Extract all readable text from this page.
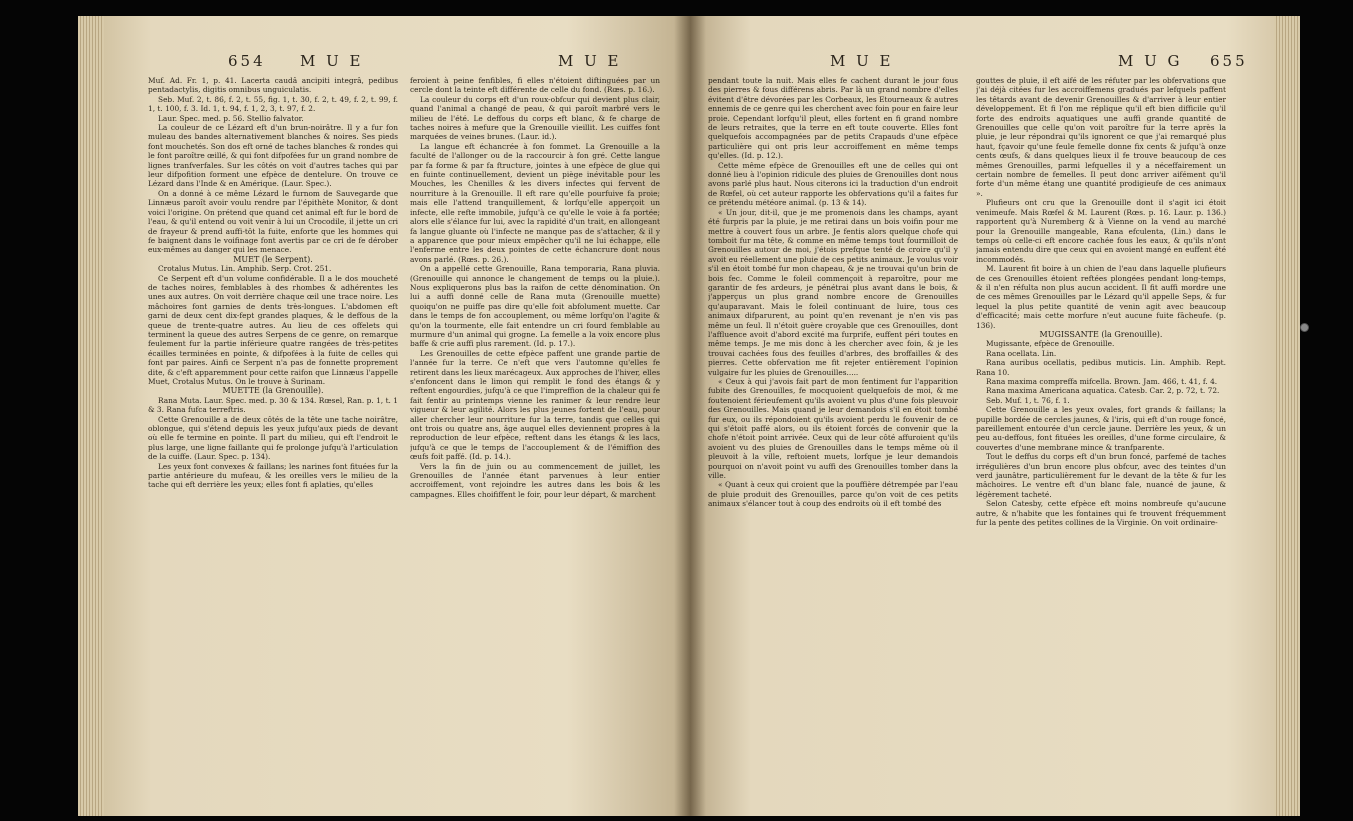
654 M U E	M U E

Muf. Ad. Fr. 1, p. 41. Lacerta caudâ ancipiti integrâ, pedibus pentadactylis, digitis omnibus unguiculatis.

Seb. Muf. 2, t. 86, f. 2, t. 55, fig. 1, t. 30, f. 2, t. 49, f. 2, t. 99, f. 1, t. 100, f. 3. Id. 1, t. 94, f. 1, 2, 3, t. 97, f. 2.

Laur. Spec. med. p. 56. Stellio falvator.

La couleur de ce Lézard eft d'un brun-noirâtre. Il y a fur fon muleau des bandes alternativement blanches & noires. Ses pieds font mouchetés. Son dos eft orné de taches blanches & rondes qui le font paroître œillé, & qui font difpofées fur un grand nombre de lignes tranfverfales. Sur les côtés on voit d'autres taches qui par leur difpofition forment une efpèce de dentelure. On trouve ce Lézard dans l'Inde & en Amérique. (Laur. Spec.).

On a donné à ce même Lézard le furnom de Sauvegarde que Linnæus paroît avoir voulu rendre par l'épithète Monitor, & dont voici l'origine. On prétend que quand cet animal eft fur le bord de l'eau, & qu'il entend ou voit venir à lui un Crocodile, il jette un cri de frayeur & prend auffi-tôt la fuite, enforte que les hommes qui fe baignent dans le voifinage font avertis par ce cri de fe dérober eux-mêmes au danger qui les menace.

MUET (le Serpent).

Crotalus Mutus. Lin. Amphib. Serp. Crot. 251.

Ce Serpent eft d'un volume confidérable. Il a le dos moucheté de taches noires, femblables à des rhombes & adhérentes les unes aux autres. On voit derrière chaque œil une trace noire. Les mâchoires font garnies de dents très-longues. L'abdomen eft garni de deux cent dix-fept grandes plaques, & le deffous de la queue de trente-quatre autres. Au lieu de ces offelets qui terminent la queue des autres Serpens de ce genre, on remarque feulement fur la partie inférieure quatre rangées de très-petites écailles terminées en pointe, & difpofées à la fuite de celles qui font par paires. Ainfi ce Serpent n'a pas de fonnette proprement dite, & c'eft apparemment pour cette raifon que Linnæus l'appelle Muet, Crotalus Mutus. On le trouve à Surinam.

MUETTE (la Grenouille).

Rana Muta. Laur. Spec. med. p. 30 & 134. Rœsel, Ran. p. 1, t. 1 & 3. Rana fufca terreftris.

Cette Grenouille a de deux côtés de la tête une tache noirâtre, oblongue, qui s'étend depuis les yeux jufqu'aux pieds de devant où elle fe termine en pointe. Il part du milieu, qui eft l'endroit le plus large, une ligne faillante qui fe prolonge jufqu'à l'articulation de la cuiffe. (Laur. Spec. p. 134).

Les yeux font convexes & faillans; les narines font fituées fur la partie antérieure du mufeau, & les oreilles vers le milieu de la tache qui eft derrière les yeux; elles font fi aplaties, qu'elles

feroient à peine fenfibles, fi elles n'étoient diftinguées par un cercle dont la teinte eft différente de celle du fond. (Rœs. p. 16.).

La couleur du corps eft d'un roux-obfcur qui devient plus clair, quand l'animal a changé de peau, & qui paroît marbré vers le milieu de l'été. Le deffous du corps eft blanc, & fe charge de taches noires à mefure que la Grenouille vieillit. Les cuiffes font marquées de veines brunes. (Laur. id.).

La langue eft échancrée à fon fommet. La Grenouille a la faculté de l'allonger ou de la raccourcir à fon gré. Cette langue par fa forme & par fa ftructure, jointes à une efpèce de glue qui en fuinte continuellement, devient un piège inévitable pour les Mouches, les Chenilles & les divers infectes qui fervent de nourriture à la Grenouille. Il eft rare qu'elle pourfuive fa proie; mais elle l'attend tranquillement, & lorfqu'elle apperçoit un infecte, elle refte immobile, jufqu'à ce qu'elle le voie à fa portée; alors elle s'élance fur lui, avec la rapidité d'un trait, en allongeant fa langue gluante où l'infecte ne manque pas de s'attacher, & il y a apparence que pour mieux empêcher qu'il ne lui échappe, elle l'enferme entre les deux pointes de cette échancrure dont nous avons parlé. (Rœs. p. 26.).

On a appellé cette Grenouille, Rana temporaria, Rana pluvia. (Grenouille qui annonce le changement de temps ou la pluie.). Nous expliquerons plus bas la raifon de cette dénomination. On lui a auffi donné celle de Rana muta (Grenouille muette) quoiqu'on ne puiffe pas dire qu'elle foit abfolument muette. Car dans le temps de fon accouplement, ou même lorfqu'on l'agite & qu'on la tourmente, elle fait entendre un cri fourd femblable au murmure d'un animal qui grogne. La femelle a la voix encore plus baffe & crie auffi plus rarement. (Id. p. 17.).

Les Grenouilles de cette efpèce paffent une grande partie de l'année fur la terre. Ce n'eft que vers l'automne qu'elles fe retirent dans les lieux marécageux. Aux approches de l'hiver, elles s'enfoncent dans le limon qui remplit le fond des étangs & y reftent engourdies, jufqu'à ce que l'impreffion de la chaleur qui fe fait fentir au printemps vienne les ranimer & leur rendre leur vigueur & leur agilité. Alors les plus jeunes fortent de l'eau, pour aller chercher leur nourriture fur la terre, tandis que celles qui ont trois ou quatre ans, âge auquel elles deviennent propres à la reproduction de leur efpèce, reftent dans les étangs & les lacs, jufqu'à ce que le temps de l'accouplement & de l'émiffion des œufs foit paffé. (Id. p. 14.).

Vers la fin de juin ou au commencement de juillet, les Grenouilles de l'année étant parvenues à leur entier accroiffement, vont rejoindre les autres dans les bois & les campagnes. Elles choififfent le foir, pour leur départ, & marchent

M U E	M U G 655

pendant toute la nuit. Mais elles fe cachent durant le jour fous des pierres & fous différens abris. Par là un grand nombre d'elles évitent d'être dévorées par les Corbeaux, les Etourneaux & autres ennemis de ce genre qui les cherchent avec foin pour en faire leur proie. Cependant lorfqu'il pleut, elles fortent en fi grand nombre de leurs retraites, que la terre en eft toute couverte. Elles font quelquefois accompagnées par de petits Crapauds d'une efpèce particulière qui ont pris leur accroiffement en même temps qu'elles. (Id. p. 12.).

Cette même efpèce de Grenouilles eft une de celles qui ont donné lieu à l'opinion ridicule des pluies de Grenouilles dont nous avons parlé plus haut. Nous citerons ici la traduction d'un endroit de Rœfel, où cet auteur rapporte les obfervations qu'il a faites fur ce prétendu météore animal. (p. 13 & 14).

« Un jour, dit-il, que je me promenois dans les champs, ayant été furpris par la pluie, je me retirai dans un bois voifin pour me mettre à couvert fous un arbre. Je fentis alors quelque chofe qui tomboit fur ma tête, & comme en même temps tout fourmilloit de Grenouilles autour de moi, j'étois prefque tenté de croire qu'il y avoit eu réellement une pluie de ces petits animaux. Je voulus voir s'il en étoit tombé fur mon chapeau, & je ne trouvai qu'un brin de bois fec. Comme le foleil commençoit à reparoître, pour me garantir de fes ardeurs, je pénétrai plus avant dans le bois, & j'apperçus un plus grand nombre encore de Grenouilles qu'auparavant. Mais le foleil continuant de luire, tous ces animaux difparurent, au point qu'en revenant je n'en vis pas même un feul. Il n'étoit guère croyable que ces Grenouilles, dont l'affluence avoit d'abord excité ma furprife, euffent péri toutes en même temps. Je me mis donc à les chercher avec foin, & je les trouvai cachées fous des feuilles d'arbres, des broffailles & des pierres. Cette obfervation me fit rejeter entièrement l'opinion vulgaire fur les pluies de Grenouilles.....

« Ceux à qui j'avois fait part de mon fentiment fur l'apparition fubite des Grenouilles, fe mocquoient quelquefois de moi, & me foutenoient férieufement qu'ils avoient vu plus d'une fois pleuvoir des Grenouilles. Mais quand je leur demandois s'il en étoit tombé fur eux, ou ils répondoient qu'ils avoient perdu le fouvenir de ce qui s'étoit paffé alors, ou ils étoient forcés de convenir que la chofe n'étoit point arrivée. Ceux qui de leur côté affuroient qu'ils avoient vu des pluies de Grenouilles dans le temps même où il pleuvoit à la ville, reftoient muets, lorfque je leur demandois pourquoi on n'avoit point vu auffi des Grenouilles tomber dans la ville.

« Quant à ceux qui croient que la pouffière détrempée par l'eau de pluie produit des Grenouilles, parce qu'on voit de ces petits animaux s'élancer tout à coup des endroits où il eft tombé des

gouttes de pluie, il eft aifé de les réfuter par les obfervations que j'ai déjà citées fur les accroiffemens gradués par lefquels paffent les têtards avant de devenir Grenouilles & d'arriver à leur entier développement. Et fi l'on me réplique qu'il eft bien difficile qu'il forte des endroits aquatiques une auffi grande quantité de Grenouilles que celle qu'on voit paroître fur la terre après la pluie, je leur répondrai qu'ils ignorent ce que j'ai remarqué plus haut, fçavoir qu'une feule femelle donne fix cents & jufqu'à onze cents œufs, & dans quelques lieux il fe trouve beaucoup de ces mêmes Grenouilles, parmi lefquelles il y a néceffairement un certain nombre de femelles. Il peut donc arriver aifément qu'il forte d'un même étang une quantité prodigieufe de ces animaux ».

Plufieurs ont cru que la Grenouille dont il s'agit ici étoit venimeufe. Mais Rœfel & M. Laurent (Rœs. p. 16. Laur. p. 136.) rapportent qu'à Nuremberg & à Vienne on la vend au marché pour la Grenouille mangeable, Rana efculenta, (Lin.) dans le temps où celle-ci eft encore cachée fous les eaux, & qu'ils n'ont jamais entendu dire que ceux qui en avoient mangé en euffent été incommodés.

M. Laurent fit boire à un chien de l'eau dans laquelle plufieurs de ces Grenouilles étoient reftées plongées pendant long-temps, & il n'en réfulta non plus aucun accident. Il fit auffi mordre une de ces mêmes Grenouilles par le Lézard qu'il appelle Seps, & fur lequel la plus petite quantité de venin agit avec beaucoup d'efficacité; mais cette morfure n'eut aucune fuite fâcheufe. (p. 136).

MUGISSANTE (la Grenouille).

Mugissante, efpèce de Grenouille.

Rana ocellata. Lin.

Rana auribus ocellatis, pedibus muticis. Lin. Amphib. Rept. Rana 10.

Rana maxima compreffa mifcella. Brown. Jam. 466, t. 41, f. 4.

Rana maxima Americana aquatica. Catesb. Car. 2, p. 72, t. 72.

Seb. Muf. 1, t. 76, f. 1.

Cette Grenouille a les yeux ovales, fort grands & faillans; la pupille bordée de cercles jaunes, & l'iris, qui eft d'un rouge foncé, pareillement entourée d'un cercle jaune. Derrière les yeux, & un peu au-deffous, font fituées les oreilles, d'une forme circulaire, & couvertes d'une membrane mince & tranfparente.

Tout le deffus du corps eft d'un brun foncé, parfemé de taches irrégulières d'un brun encore plus obfcur, avec des teintes d'un verd jaunâtre, particulièrement fur le devant de la tête & fur les mâchoires. Le ventre eft d'un blanc fale, nuancé de jaune, & légèrement tacheté.

Selon Catesby, cette efpèce eft moins nombreufe qu'aucune autre, & n'habite que les fontaines qui fe trouvent fréquemment fur la pente des petites collines de la Virginie. On voit ordinaire-
